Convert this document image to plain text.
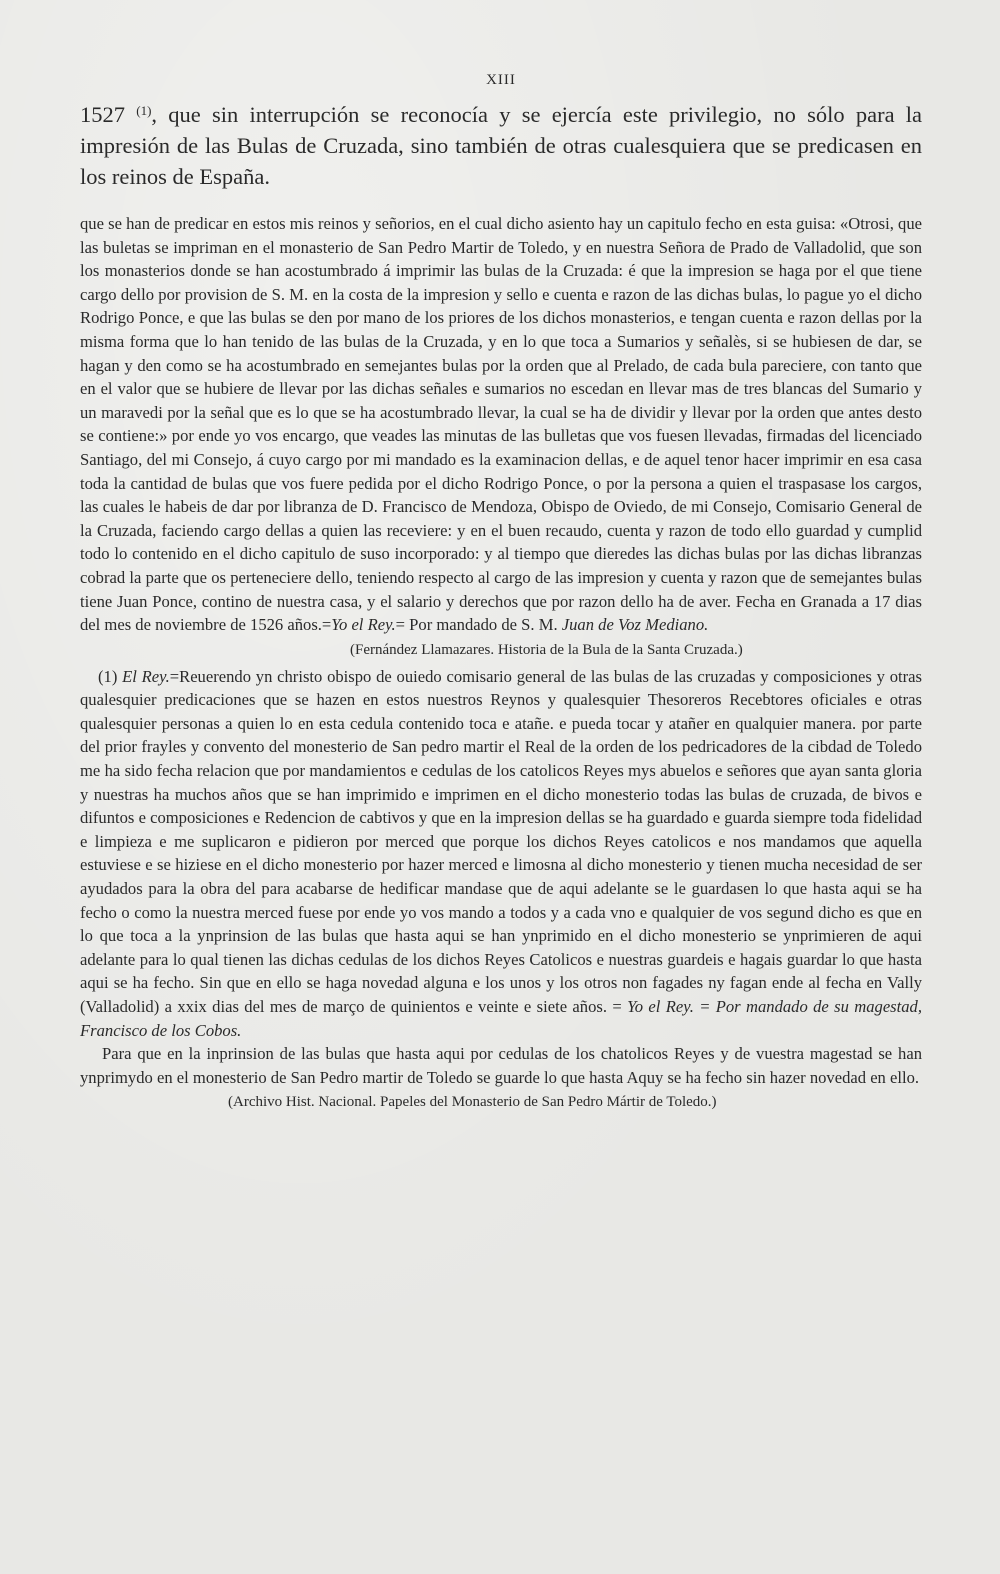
XIII

1527 $^{(1)}$, que sin interrupción se reconocía y se ejercía este privilegio, no sólo para la impresión de las Bulas de Cruzada, sino también de otras cualesquiera que se predicasen en los reinos de España.

que se han de predicar en estos mis reinos y señorios, en el cual dicho asiento hay un capitulo fecho en esta guisa: «Otrosi, que las buletas se impriman en el monasterio de San Pedro Martir de Toledo, y en nuestra Señora de Prado de Valladolid, que son los monasterios donde se han acostumbrado á imprimir las bulas de la Cruzada: é que la impresion se haga por el que tiene cargo dello por provision de S. M. en la costa de la impresion y sello e cuenta e razon de las dichas bulas, lo pague yo el dicho Rodrigo Ponce, e que las bulas se den por mano de los priores de los dichos monasterios, e tengan cuenta e razon dellas por la misma forma que lo han tenido de las bulas de la Cruzada, y en lo que toca a Sumarios y señalès, si se hubiesen de dar, se hagan y den como se ha acostumbrado en semejantes bulas por la orden que al Prelado, de cada bula pareciere, con tanto que en el valor que se hubiere de llevar por las dichas señales e sumarios no escedan en llevar mas de tres blancas del Sumario y un maravedi por la señal que es lo que se ha acostumbrado llevar, la cual se ha de dividir y llevar por la orden que antes desto se contiene:» por ende yo vos encargo, que veades las minutas de las bulletas que vos fuesen llevadas, firmadas del licenciado Santiago, del mi Consejo, á cuyo cargo por mi mandado es la examinacion dellas, e de aquel tenor hacer imprimir en esa casa toda la cantidad de bulas que vos fuere pedida por el dicho Rodrigo Ponce, o por la persona a quien el traspasase los cargos, las cuales le habeis de dar por libranza de D. Francisco de Mendoza, Obispo de Oviedo, de mi Consejo, Comisario General de la Cruzada, faciendo cargo dellas a quien las receviere: y en el buen recaudo, cuenta y razon de todo ello guardad y cumplid todo lo contenido en el dicho capitulo de suso incorporado: y al tiempo que dieredes las dichas bulas por las dichas libranzas cobrad la parte que os perteneciere dello, teniendo respecto al cargo de las impresion y cuenta y razon que de semejantes bulas tiene Juan Ponce, contino de nuestra casa, y el salario y derechos que por razon dello ha de aver. Fecha en Granada a 17 dias del mes de noviembre de 1526 años.=Yo el Rey.= Por mandado de S. M. Juan de Voz Mediano.

(Fernández Llamazares. Historia de la Bula de la Santa Cruzada.)

(1) El Rey.=Reuerendo yn christo obispo de ouiedo comisario general de las bulas de las cruzadas y composiciones y otras qualesquier predicaciones que se hazen en estos nuestros Reynos y qualesquier Thesoreros Recebtores oficiales e otras qualesquier personas a quien lo en esta cedula contenido toca e atañe. e pueda tocar y atañer en qualquier manera. por parte del prior frayles y convento del monesterio de San pedro martir el Real de la orden de los pedricadores de la cibdad de Toledo me ha sido fecha relacion que por mandamientos e cedulas de los catolicos Reyes mys abuelos e señores que ayan santa gloria y nuestras ha muchos años que se han imprimido e imprimen en el dicho monesterio todas las bulas de cruzada, de bivos e difuntos e composiciones e Redencion de cabtivos y que en la impresion dellas se ha guardado e guarda siempre toda fidelidad e limpieza e me suplicaron e pidieron por merced que porque los dichos Reyes catolicos e nos mandamos que aquella estuviese e se hiziese en el dicho monesterio por hazer merced e limosna al dicho monesterio y tienen mucha necesidad de ser ayudados para la obra del para acabarse de hedificar mandase que de aqui adelante se le guardasen lo que hasta aqui se ha fecho o como la nuestra merced fuese por ende yo vos mando a todos y a cada vno e qualquier de vos segund dicho es que en lo que toca a la ynprinsion de las bulas que hasta aqui se han ynprimido en el dicho monesterio se ynprimieren de aqui adelante para lo qual tienen las dichas cedulas de los dichos Reyes Catolicos e nuestras guardeis e hagais guardar lo que hasta aqui se ha fecho. Sin que en ello se haga novedad alguna e los unos y los otros non fagades ny fagan ende al fecha en Vally (Valladolid) a xxix dias del mes de março de quinientos e veinte e siete años. = Yo el Rey. = Por mandado de su magestad, Francisco de los Cobos.

Para que en la inprinsion de las bulas que hasta aqui por cedulas de los chatolicos Reyes y de vuestra magestad se han ynprimydo en el monesterio de San Pedro martir de Toledo se guarde lo que hasta Aquy se ha fecho sin hazer novedad en ello.

(Archivo Hist. Nacional. Papeles del Monasterio de San Pedro Mártir de Toledo.)
